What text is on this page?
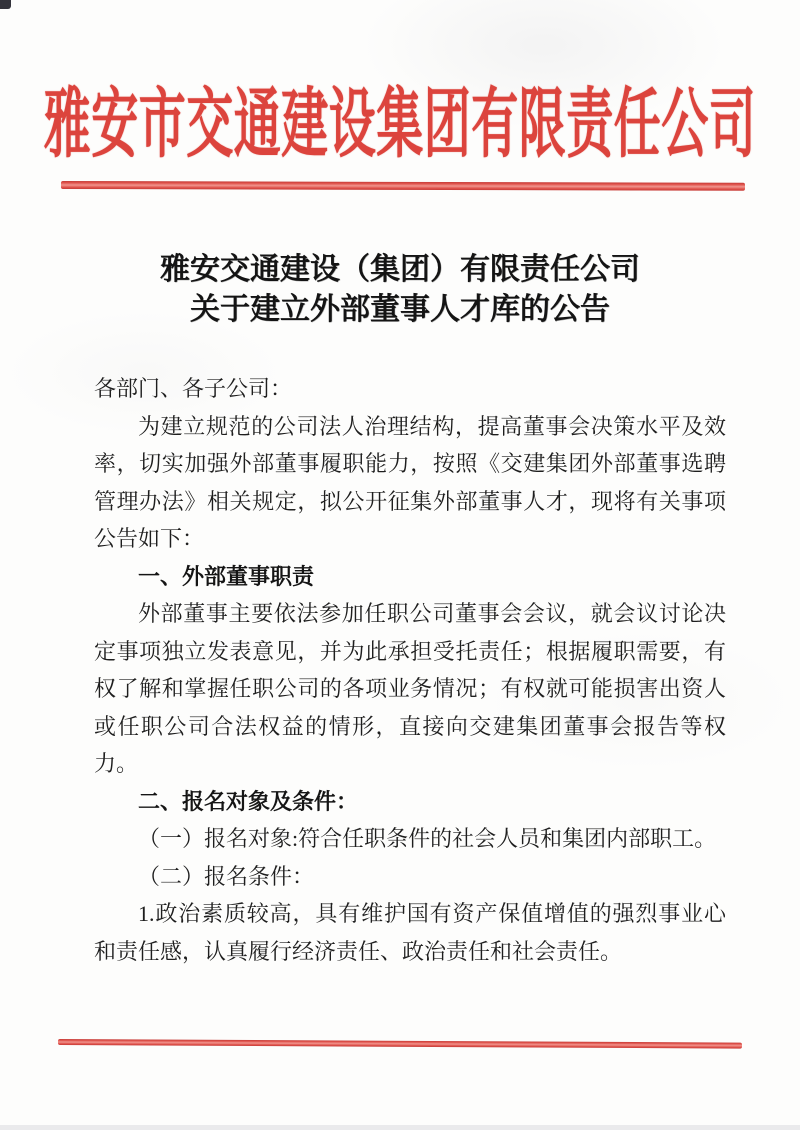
雅安市交通建设集团有限责任公司
雅安交通建设（集团）有限责任公司
关于建立外部董事人才库的公告
各部门、各子公司：
为建立规范的公司法人治理结构，提高董事会决策水平及效率，切实加强外部董事履职能力，按照《交建集团外部董事选聘管理办法》相关规定，拟公开征集外部董事人才，现将有关事项公告如下：
一、外部董事职责
外部董事主要依法参加任职公司董事会会议，就会议讨论决定事项独立发表意见，并为此承担受托责任；根据履职需要，有权了解和掌握任职公司的各项业务情况；有权就可能损害出资人或任职公司合法权益的情形，直接向交建集团董事会报告等权力。
二、报名对象及条件：
（一）报名对象:符合任职条件的社会人员和集团内部职工。
（二）报名条件：
1.政治素质较高，具有维护国有资产保值增值的强烈事业心和责任感，认真履行经济责任、政治责任和社会责任。
